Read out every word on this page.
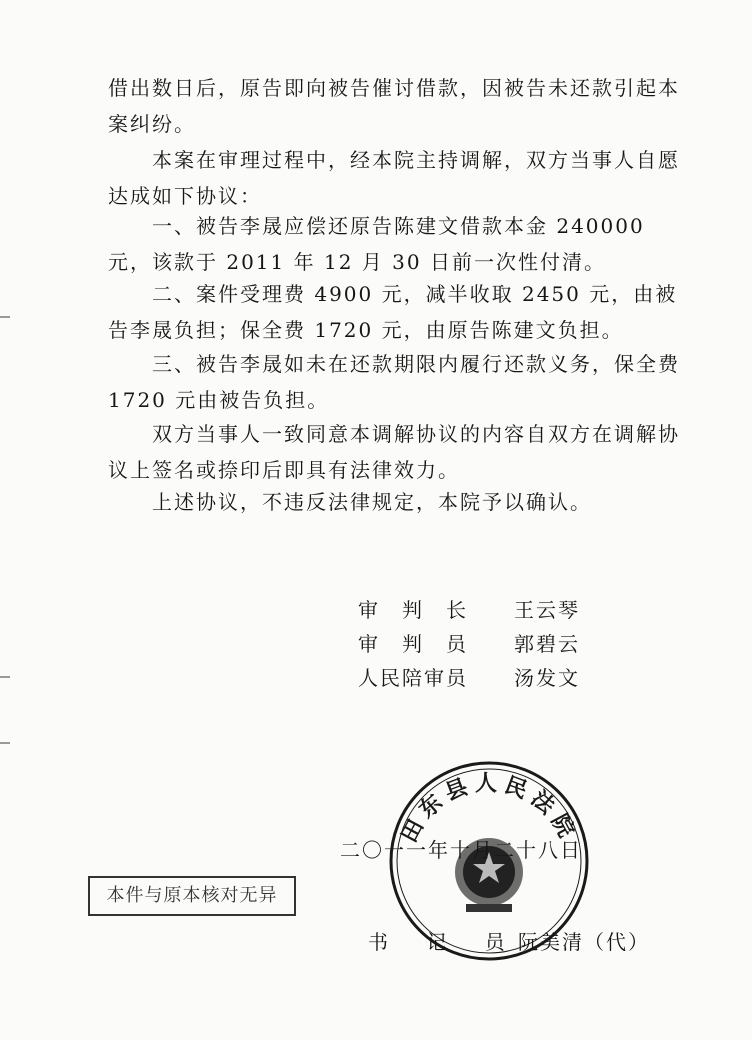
借出数日后，原告即向被告催讨借款，因被告未还款引起本案纠纷。

本案在审理过程中，经本院主持调解，双方当事人自愿达成如下协议：

一、被告李晟应偿还原告陈建文借款本金 240000 元，该款于 2011 年 12 月 30 日前一次性付清。

二、案件受理费 4900 元，减半收取 2450 元，由被告李晟负担；保全费 1720 元，由原告陈建文负担。

三、被告李晟如未在还款期限内履行还款义务，保全费 1720 元由被告负担。

双方当事人一致同意本调解协议的内容自双方在调解协议上签名或捺印后即具有法律效力。

上述协议，不违反法律规定，本院予以确认。

审　判　长 王云琴
审　判　员 郭碧云
人民陪审员 汤发文
田东县人民法院
二〇一一年十月二十八日
本件与原本核对无异
书 记 员 阮美清（代）
